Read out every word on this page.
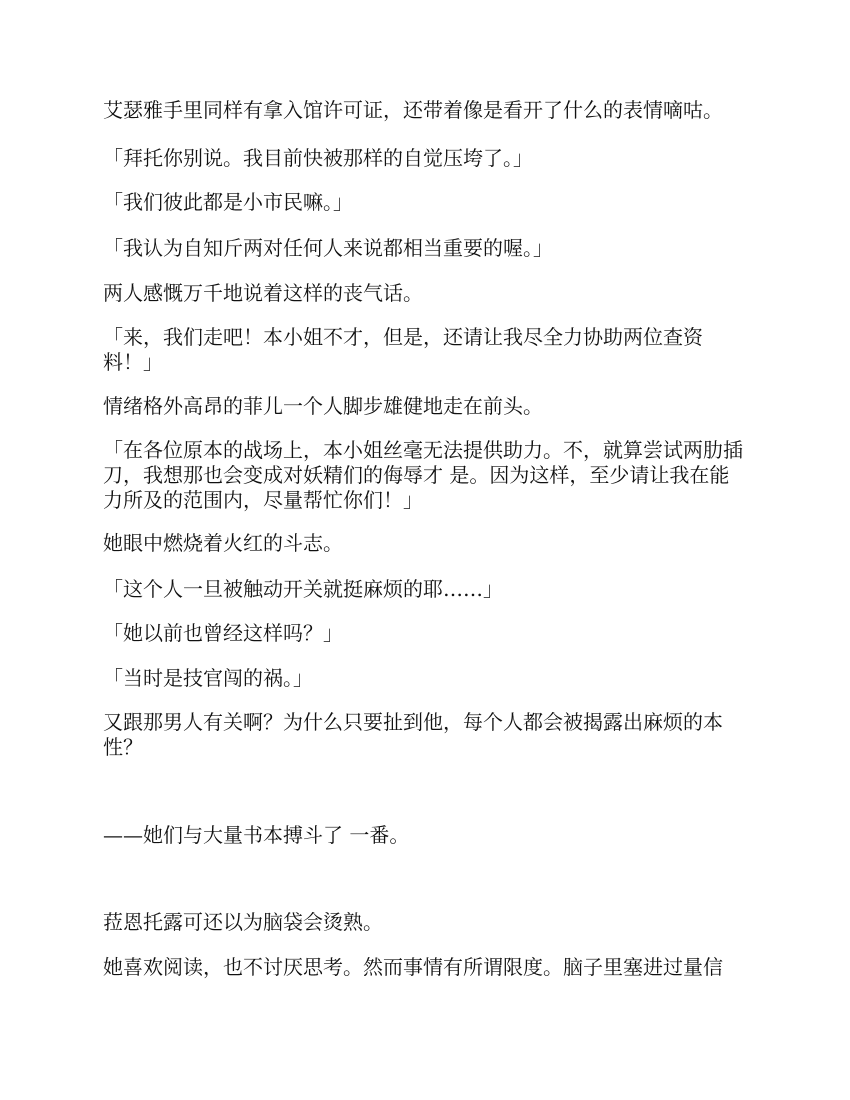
艾瑟雅手里同样有拿入馆许可证，还带着像是看开了什么的表情嘀咕。

「拜托你别说。我目前快被那样的自觉压垮了。」

「我们彼此都是小市民嘛。」

「我认为自知斤两对任何人来说都相当重要的喔。」

两人感慨万千地说着这样的丧气话。

「来，我们走吧！本小姐不才，但是，还请让我尽全力协助两位查资料！」

情绪格外高昂的菲儿一个人脚步雄健地走在前头。

「在各位原本的战场上，本小姐丝毫无法提供助力。不，就算尝试两肋插刀，我想那也会变成对妖精们的侮辱才 是。因为这样，至少请让我在能力所及的范围内，尽量帮忙你们！」

她眼中燃烧着火红的斗志。

「这个人一旦被触动开关就挺麻烦的耶……」

「她以前也曾经这样吗？」

「当时是技官闯的祸。」

又跟那男人有关啊？为什么只要扯到他，每个人都会被揭露出麻烦的本性？

——她们与大量书本搏斗了 一番。

菈恩托露可还以为脑袋会烫熟。

她喜欢阅读，也不讨厌思考。然而事情有所谓限度。脑子里塞进过量信
